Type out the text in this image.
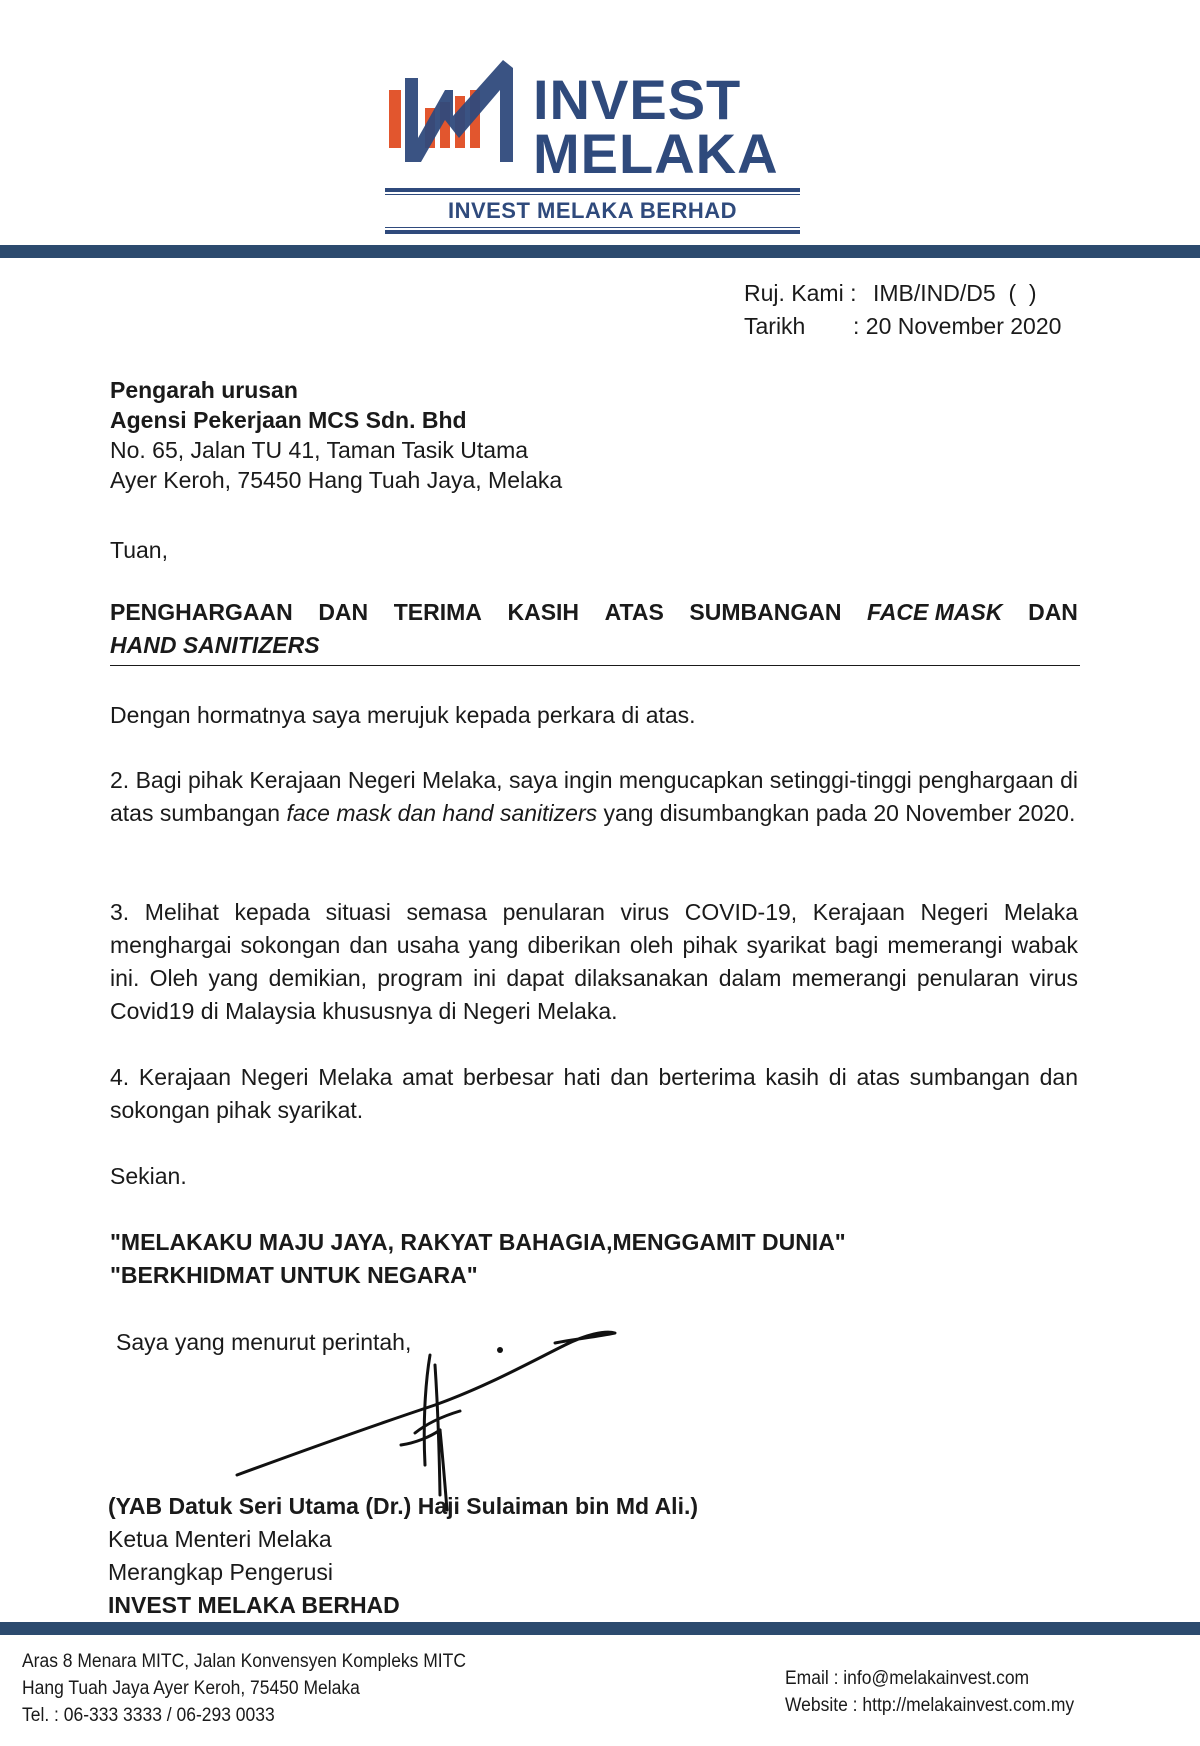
INVEST
MELAKA
INVEST MELAKA BERHAD
Ruj. Kami : IMB/IND/D5  (  )
Tarikh : 20 November 2020
Pengarah urusan
Agensi Pekerjaan MCS Sdn. Bhd
No. 65, Jalan TU 41, Taman Tasik Utama
Ayer Keroh, 75450 Hang Tuah Jaya, Melaka
Tuan,
PENGHARGAAN DAN TERIMA KASIH ATAS SUMBANGAN FACE MASK DAN
HAND SANITIZERS
Dengan hormatnya saya merujuk kepada perkara di atas.
2. Bagi pihak Kerajaan Negeri Melaka, saya ingin mengucapkan setinggi-tinggi penghargaan di atas sumbangan face mask dan hand sanitizers yang disumbangkan pada 20 November 2020.
3. Melihat kepada situasi semasa penularan virus COVID-19, Kerajaan Negeri Melaka menghargai sokongan dan usaha yang diberikan oleh pihak syarikat bagi memerangi wabak ini. Oleh yang demikian, program ini dapat dilaksanakan dalam memerangi penularan virus Covid19 di Malaysia khususnya di Negeri Melaka.
4. Kerajaan Negeri Melaka amat berbesar hati dan berterima kasih di atas sumbangan dan sokongan pihak syarikat.
Sekian.
"MELAKAKU MAJU JAYA, RAKYAT BAHAGIA,MENGGAMIT DUNIA"
"BERKHIDMAT UNTUK NEGARA"
Saya yang menurut perintah,
(YAB Datuk Seri Utama (Dr.) Haji Sulaiman bin Md Ali.)
Ketua Menteri Melaka
Merangkap Pengerusi
INVEST MELAKA BERHAD
Aras 8 Menara MITC, Jalan Konvensyen Kompleks MITC
Hang Tuah Jaya Ayer Keroh, 75450 Melaka
Tel. : 06-333 3333 / 06-293 0033
Email : info@melakainvest.com
Website : http://melakainvest.com.my
